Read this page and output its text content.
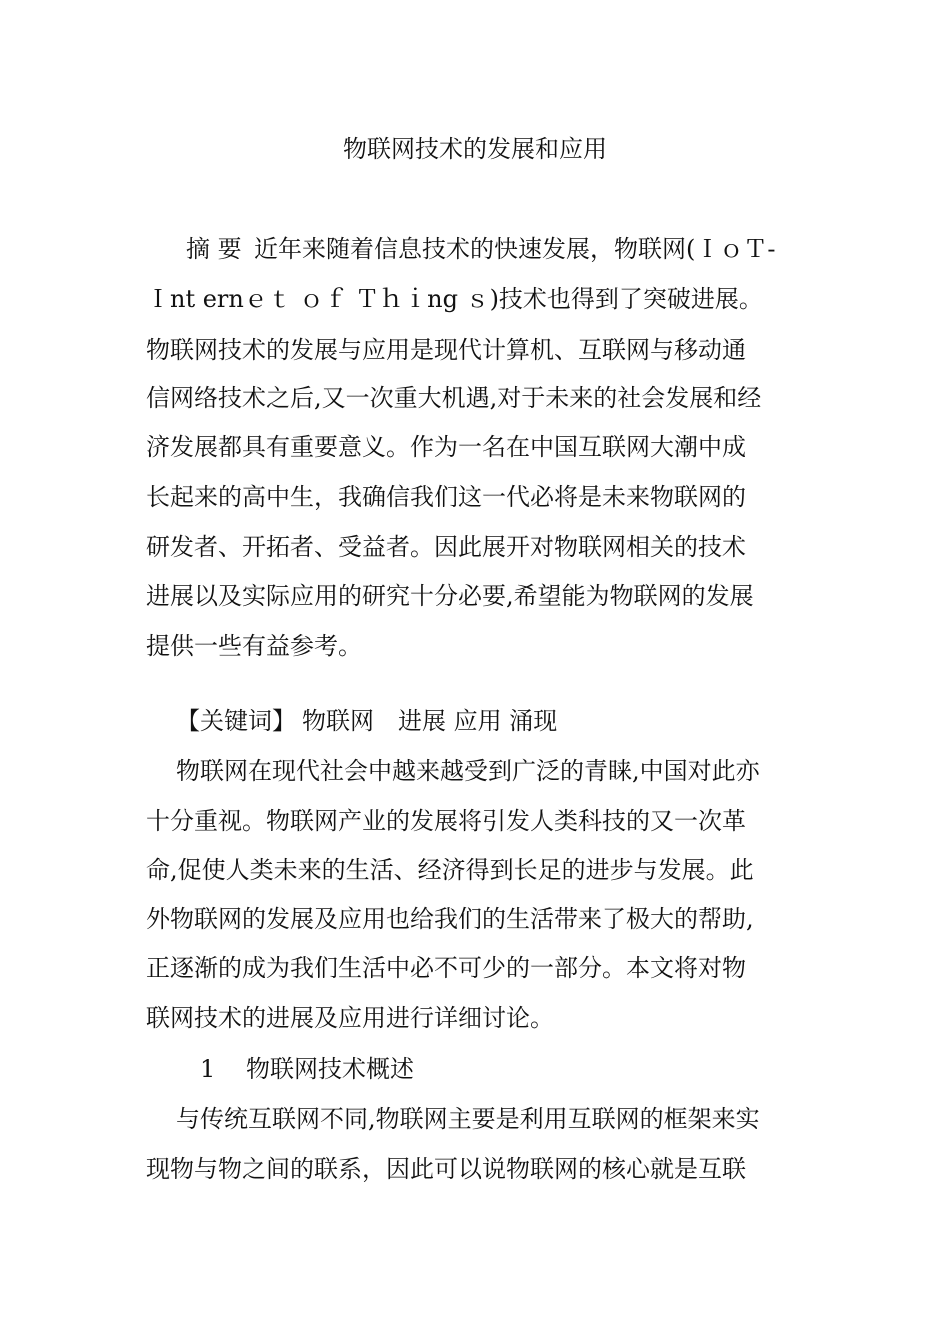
物联网技术的发展和应用
摘 要 近年来随着信息技术的快速发展，物联网(ＩｏＴ-
Ｉnt ernｅｔ ｏｆ Ｔｈｉng ｓ)技术也得到了突破进展。
物联网技术的发展与应用是现代计算机、互联网与移动通
信网络技术之后,又一次重大机遇,对于未来的社会发展和经
济发展都具有重要意义。作为一名在中国互联网大潮中成
长起来的高中生，我确信我们这一代必将是未来物联网的
研发者、开拓者、受益者。因此展开对物联网相关的技术
进展以及实际应用的研究十分必要,希望能为物联网的发展
提供一些有益参考。
【关键词】 物联网　进展 应用 涌现
物联网在现代社会中越来越受到广泛的青睐,中国对此亦
十分重视。物联网产业的发展将引发人类科技的又一次革
命,促使人类未来的生活、经济得到长足的进步与发展。此
外物联网的发展及应用也给我们的生活带来了极大的帮助,
正逐渐的成为我们生活中必不可少的一部分。本文将对物
联网技术的进展及应用进行详细讨论。
1 物联网技术概述
与传统互联网不同,物联网主要是利用互联网的框架来实
现物与物之间的联系，因此可以说物联网的核心就是互联
